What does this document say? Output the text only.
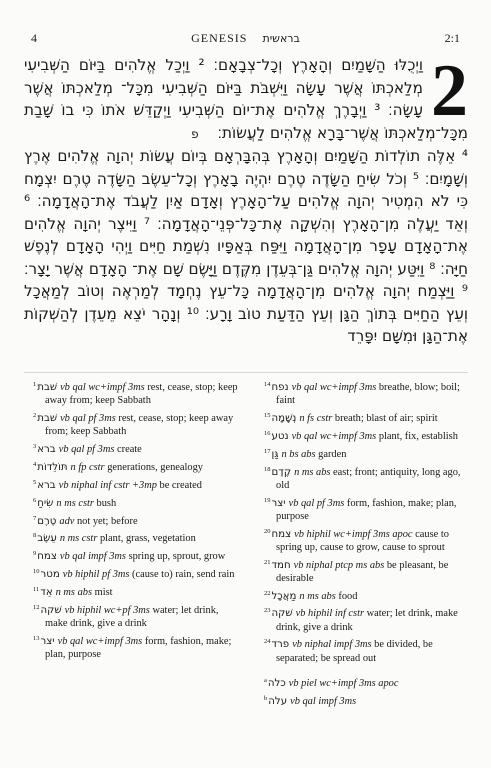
4	GENESIS בראשית	2:1
2

וַיְכֻלּוּ הַשָּׁמַיִם וְהָאָרֶץ וְכָל־צְבָאָם׃ ² וַיְכַל אֱלֹהִים בַּיּוֹם הַשְּׁבִיעִי מְלַאכְתּוֹ אֲשֶׁר עָשָׂה וַיִּשְׁבֹּת בַּיּוֹם הַשְּׁבִיעִי מִכָּל־ מְלַאכְתּוֹ אֲשֶׁר עָשָׂה׃ ³ וַיְבָרֶךְ אֱלֹהִים אֶת־יוֹם הַשְּׁבִיעִי וַיְקַדֵּשׁ אֹתוֹ כִּי בוֹ שָׁבַת מִכָּל־מְלַאכְתּוֹ אֲשֶׁר־בָּרָא אֱלֹהִים לַעֲשׂוֹת׃ פ
⁴ אֵלֶּה תוֹלְדוֹת הַשָּׁמַיִם וְהָאָרֶץ בְּהִבָּרְאָם בְּיוֹם עֲשׂוֹת יְהוָה אֱלֹהִים אֶרֶץ וְשָׁמָיִם׃ ⁵ וְכֹל שִׂיחַ הַשָּׂדֶה טֶרֶם יִהְיֶה בָאָרֶץ וְכָל־עֵשֶׂב הַשָּׂדֶה טֶרֶם יִצְמָח כִּי לֹא הִמְטִיר יְהוָה אֱלֹהִים עַל־הָאָרֶץ וְאָדָם אַיִן לַעֲבֹד אֶת־הָאֲדָמָה׃ ⁶ וְאֵד יַעֲלֶה מִן־הָאָרֶץ וְהִשְׁקָה אֶת־כָּל־פְּנֵי־הָאֲדָמָה׃ ⁷ וַיִּיצֶר יְהוָה אֱלֹהִים אֶת־הָאָדָם עָפָר מִן־הָאֲדָמָה וַיִּפַּח בְּאַפָּיו נִשְׁמַת חַיִּים וַיְהִי הָאָדָם לְנֶפֶשׁ חַיָּה׃ ⁸ וַיִּטַּע יְהוָה אֱלֹהִים גַּן־בְּעֵדֶן מִקֶּדֶם וַיָּשֶׂם שָׁם אֶת־ הָאָדָם אֲשֶׁר יָצָר׃ ⁹ וַיַּצְמַח יְהוָה אֱלֹהִים מִן־הָאֲדָמָה כָּל־עֵץ נֶחְמָד לְמַרְאֶה וְטוֹב לְמַאֲכָל וְעֵץ הַחַיִּים בְּתוֹךְ הַגָּן וְעֵץ הַדַּעַת טוֹב וָרָע׃ ¹⁰ וְנָהָר יֹצֵא מֵעֵדֶן לְהַשְׁקוֹת אֶת־הַגָּן וּמִשָּׁם יִפָּרֵד

$^1$שׁבת vb qal wc+impf 3ms rest, cease, stop; keep away from; keep Sabbath

$^2$שׁבת vb qal pf 3ms rest, cease, stop; keep away from; keep Sabbath

$^3$ברא vb qal pf 3ms create

$^4$תּוֹלֵדוֹת n fp cstr generations, genealogy

$^5$ברא vb niphal inf cstr +3mp be created

$^6$שִׂיחַ n ms cstr bush

$^7$טֶרֶם adv not yet; before

$^8$עֵשֶׂב n ms cstr plant, grass, vegetation

$^9$צמח vb qal impf 3ms spring up, sprout, grow

$^{10}$מטר vb hiphil pf 3ms (cause to) rain, send rain

$^{11}$אֵד n ms abs mist

$^{12}$שׁקה vb hiphil wc+pf 3ms water; let drink, make drink, give a drink

$^{13}$יצר vb qal wc+impf 3ms form, fashion, make; plan, purpose

$^{14}$נפח vb qal wc+impf 3ms breathe, blow; boil; faint

$^{15}$נְשָׁמָה n fs cstr breath; blast of air; spirit

$^{16}$נטע vb qal wc+impf 3ms plant, fix, establish

$^{17}$גַּן n bs abs garden

$^{18}$קֶדֶם n ms abs east; front; antiquity, long ago, old

$^{19}$יצר vb qal pf 3ms form, fashion, make; plan, purpose

$^{20}$צמח vb hiphil wc+impf 3ms apoc cause to spring up, cause to grow, cause to sprout

$^{21}$חמד vb niphal ptcp ms abs be pleasant, be desirable

$^{22}$מַאֲכָל n ms abs food

$^{23}$שׁקה vb hiphil inf cstr water; let drink, make drink, give a drink

$^{24}$פרד vb niphal impf 3ms be divided, be separated; be spread out

$^a$כלה vb piel wc+impf 3ms apoc

$^b$עלה vb qal impf 3ms
